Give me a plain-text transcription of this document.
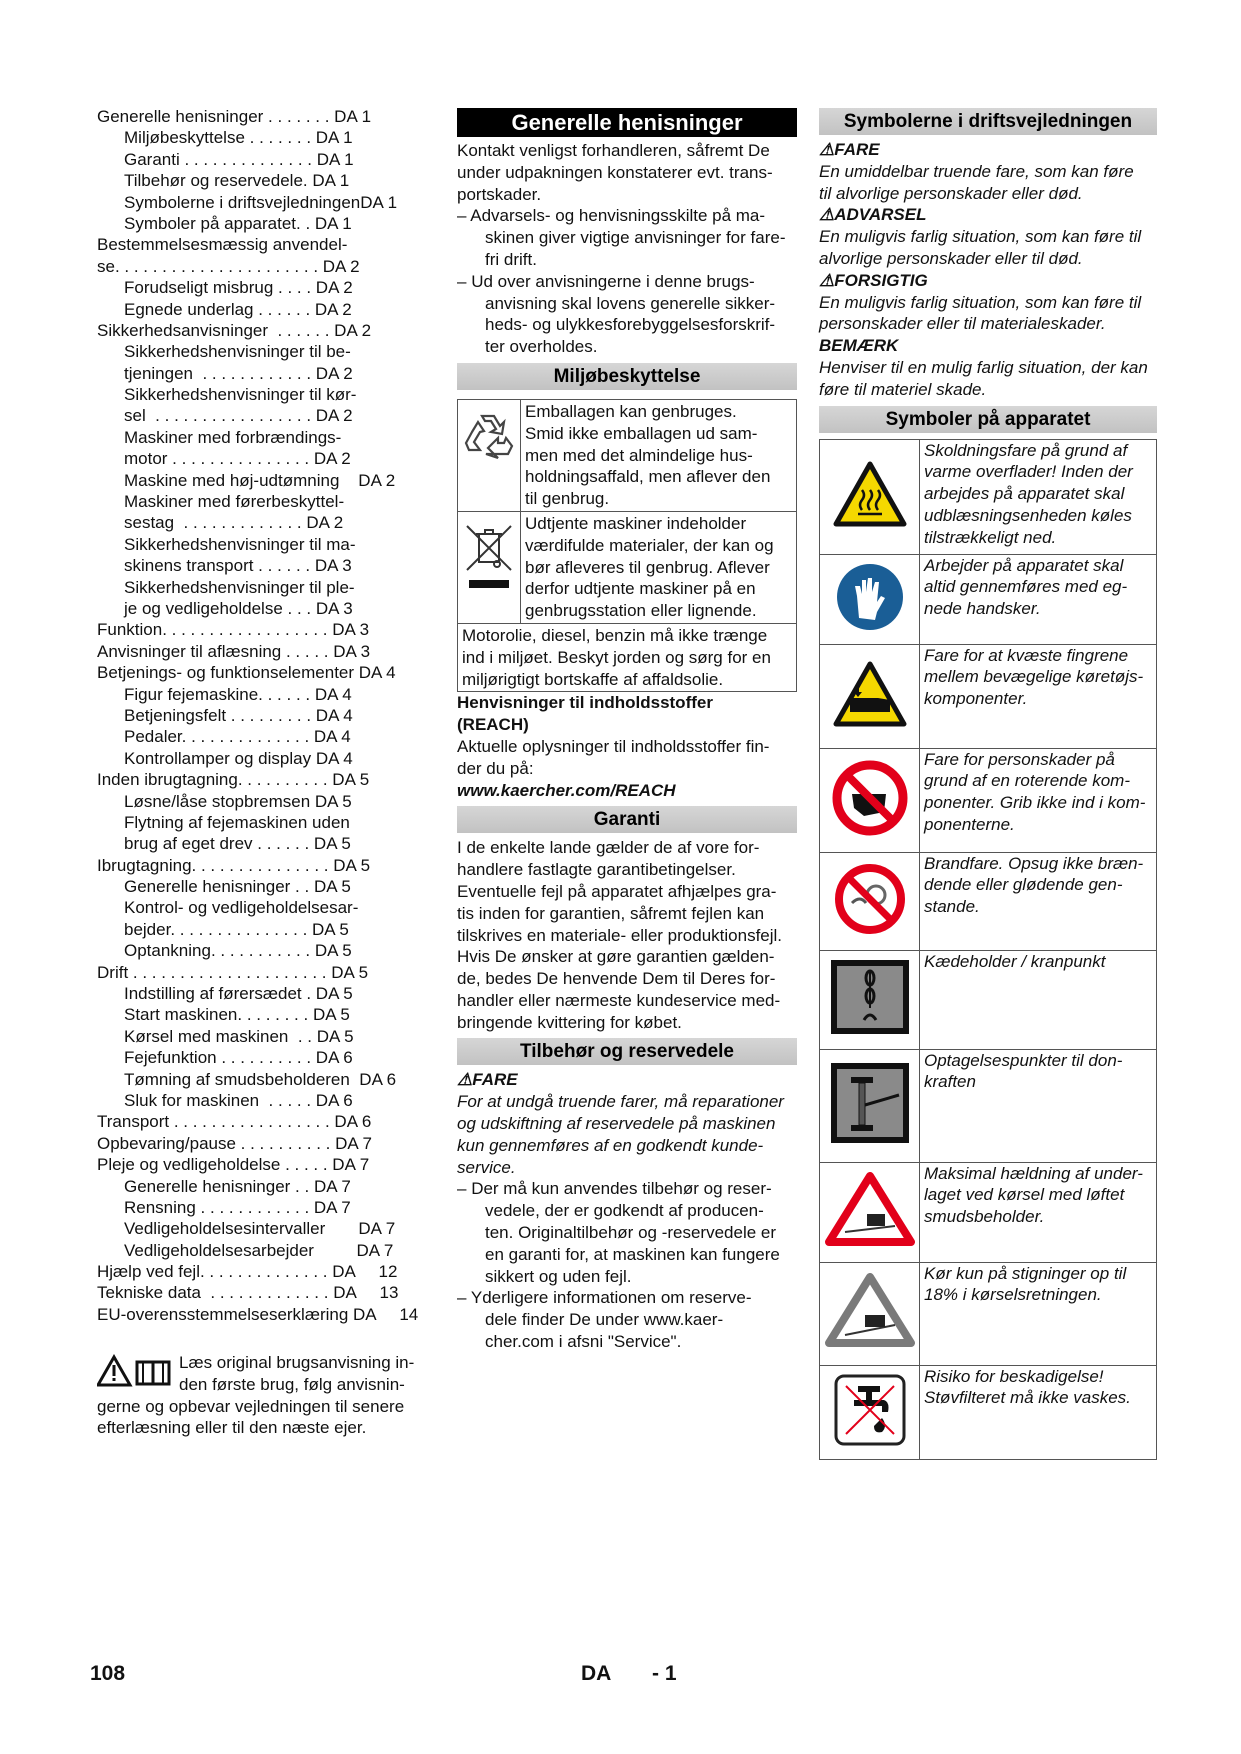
Generelle henisninger . . . . . . . DA 1
Miljøbeskyttelse . . . . . . . DA 1
Garanti . . . . . . . . . . . . . . DA 1
Tilbehør og reservedele. DA 1
Symbolerne i driftsvejledningenDA 1
Symboler på apparatet. . DA 1
Bestemmelsesmæssig anvendel-
se. . . . . . . . . . . . . . . . . . . . . . DA 2
Forudseligt misbrug . . . . DA 2
Egnede underlag . . . . . . DA 2
Sikkerhedsanvisninger  . . . . . . DA 2
Sikkerhedshenvisninger til be-
tjeningen  . . . . . . . . . . . . DA 2
Sikkerhedshenvisninger til kør-
sel  . . . . . . . . . . . . . . . . . DA 2
Maskiner med forbrændings-
motor . . . . . . . . . . . . . . . DA 2
Maskine med høj-udtømning    DA 2
Maskiner med førerbeskyttel-
sestag  . . . . . . . . . . . . . DA 2
Sikkerhedshenvisninger til ma-
skinens transport . . . . . . DA 3
Sikkerhedshenvisninger til ple-
je og vedligeholdelse . . . DA 3
Funktion. . . . . . . . . . . . . . . . . . DA 3
Anvisninger til aflæsning . . . . . DA 3
Betjenings- og funktionselementer DA 4
Figur fejemaskine. . . . . . DA 4
Betjeningsfelt . . . . . . . . . DA 4
Pedaler. . . . . . . . . . . . . . DA 4
Kontrollamper og display DA 4
Inden ibrugtagning. . . . . . . . . . DA 5
Løsne/låse stopbremsen DA 5
Flytning af fejemaskinen uden
brug af eget drev . . . . . . DA 5
Ibrugtagning. . . . . . . . . . . . . . . DA 5
Generelle henisninger . . DA 5
Kontrol- og vedligeholdelsesar-
bejder. . . . . . . . . . . . . . . DA 5
Optankning. . . . . . . . . . . DA 5
Drift . . . . . . . . . . . . . . . . . . . . . DA 5
Indstilling af førersædet . DA 5
Start maskinen. . . . . . . . DA 5
Kørsel med maskinen  . . DA 5
Fejefunktion . . . . . . . . . . DA 6
Tømning af smudsbeholderen  DA 6
Sluk for maskinen  . . . . . DA 6
Transport . . . . . . . . . . . . . . . . . DA 6
Opbevaring/pause . . . . . . . . . . DA 7
Pleje og vedligeholdelse . . . . . DA 7
Generelle henisninger . . DA 7
Rensning . . . . . . . . . . . . DA 7
Vedligeholdelsesintervaller       DA 7
Vedligeholdelsesarbejder         DA 7
Hjælp ved fejl. . . . . . . . . . . . . . DA     12
Tekniske data  . . . . . . . . . . . . . DA     13
EU-overensstemmelseserklæring DA     14
Læs original brugsanvisning in-
den første brug, følg anvisnin-
gerne og opbevar vejledningen til senere
efterlæsning eller til den næste ejer.
Generelle henisninger
Kontakt venligst forhandleren, såfremt De
under udpakningen konstaterer evt. trans-
portskader.
– Advarsels- og henvisningsskilte på ma-
skinen giver vigtige anvisninger for fare-
fri drift.
– Ud over anvisningerne i denne brugs-
anvisning skal lovens generelle sikker-
heds- og ulykkesforebyggelsesforskrif-
ter overholdes.
Miljøbeskyttelse

Emballagen kan genbruges.
Smid ikke emballagen ud sam-
men med det almindelige hus-
holdningsaffald, men aflever den
til genbrug.

Udtjente maskiner indeholder
værdifulde materialer, der kan og
bør afleveres til genbrug. Aflever
derfor udtjente maskiner på en
genbrugsstation eller lignende.

Motorolie, diesel, benzin må ikke trænge
ind i miljøet. Beskyt jorden og sørg for en
miljørigtigt bortskaffe af affaldsolie.	
Henvisninger til indholdsstoffer
(REACH)
Aktuelle oplysninger til indholdsstoffer fin-
der du på:
www.kaercher.com/REACH
Garanti
I de enkelte lande gælder de af vore for-
handlere fastlagte garantibetingelser.
Eventuelle fejl på apparatet afhjælpes gra-
tis inden for garantien, såfremt fejlen kan
tilskrives en materiale- eller produktionsfejl.
Hvis De ønsker at gøre garantien gælden-
de, bedes De henvende Dem til Deres for-
handler eller nærmeste kundeservice med-
bringende kvittering for købet.
Tilbehør og reservedele
⚠FARE
For at undgå truende farer, må reparationer
og udskiftning af reservedele på maskinen
kun gennemføres af en godkendt kunde-
service.
– Der må kun anvendes tilbehør og reser-
vedele, der er godkendt af producen-
ten. Originaltilbehør og -reservedele er
en garanti for, at maskinen kan fungere
sikkert og uden fejl.
– Yderligere informationen om reserve-
dele finder De under www.kaer-
cher.com i afsni "Service".
Symbolerne i driftsvejledningen
⚠FARE
En umiddelbar truende fare, som kan føre
til alvorlige personskader eller død.
⚠ADVARSEL
En muligvis farlig situation, som kan føre til
alvorlige personskader eller til død.
⚠FORSIGTIG
En muligvis farlig situation, som kan føre til
personskader eller til materialeskader.
BEMÆRK
Henviser til en mulig farlig situation, der kan
føre til materiel skade.
Symboler på apparatet

Skoldningsfare på grund af
varme overflader! Inden der
arbejdes på apparatet skal
udblæsningsenheden køles
tilstrækkeligt ned.

Arbejder på apparatet skal
altid gennemføres med eg-
nede handsker.

Fare for at kvæste fingrene
mellem bevægelige køretøjs-
komponenter.

Fare for personskader på
grund af en roterende kom-
ponenter. Grib ikke ind i kom-
ponenterne.

Brandfare. Opsug ikke bræn-
dende eller glødende gen-
stande.

Kædeholder / kranpunkt

Optagelsespunkter til don-
kraften

Maksimal hældning af under-
laget ved kørsel med løftet
smudsbeholder.

Kør kun på stigninger op til
18% i kørselsretningen.

Risiko for beskadigelse!
Støvfilteret må ikke vaskes.
108	DA - 1
